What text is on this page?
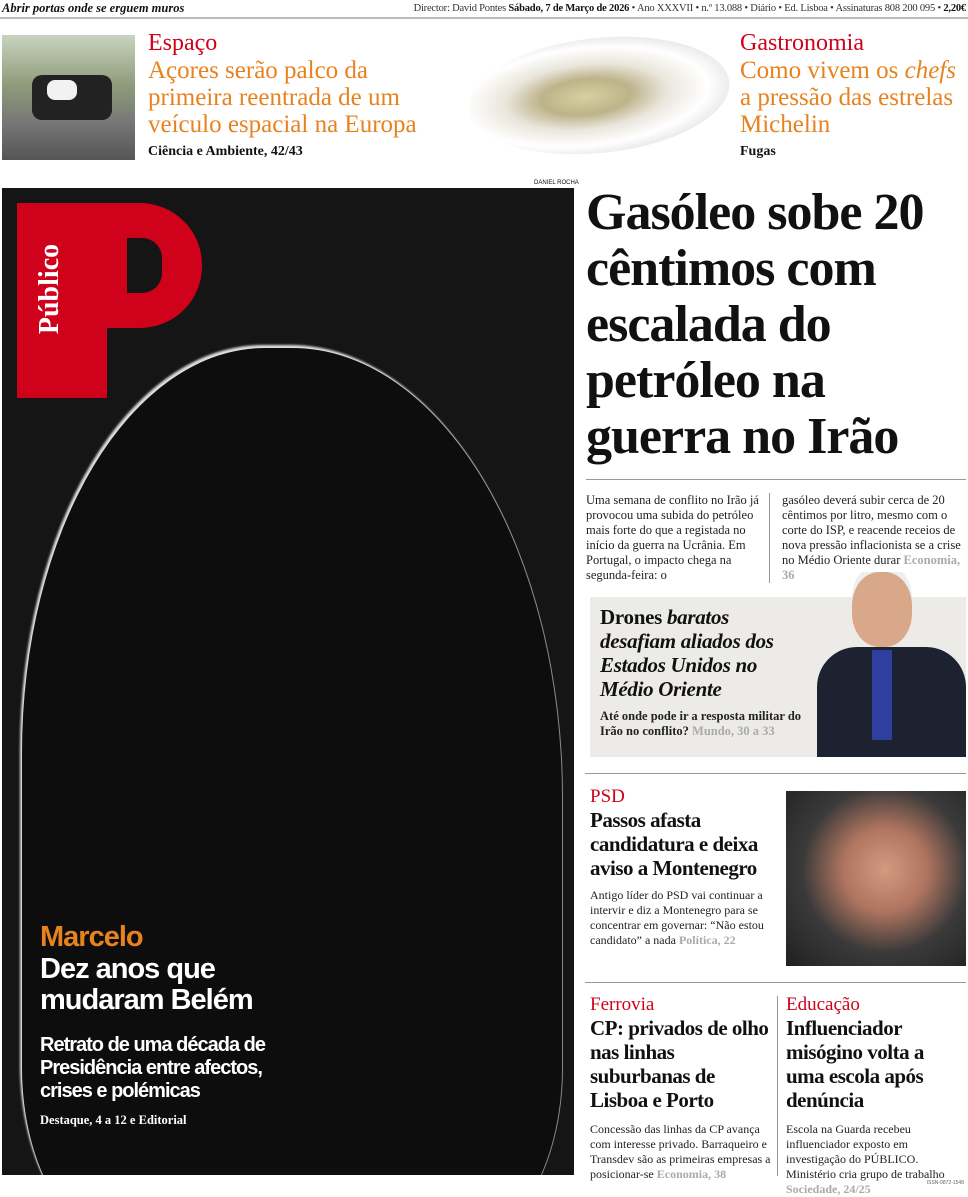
Abrir portas onde se erguem muros	Director: David Pontes Sábado, 7 de Março de 2026 • Ano XXXVII • n.º 13.088 • Diário • Ed. Lisboa • Assinaturas 808 200 095 • 2,20€
Espaço
Açores serão palco da primeira reentrada de um veículo espacial na Europa
Ciência e Ambiente, 42/43
Gastronomia
Como vivem os chefs a pressão das estrelas Michelin
Fugas
DANIEL ROCHA
Público
Marcelo
Dez anos que mudaram Belém
Retrato de uma década de Presidência entre afectos, crises e polémicas
Destaque, 4 a 12 e Editorial
Gasóleo sobe 20 cêntimos com escalada do petróleo na guerra no Irão
Uma semana de conflito no Irão já provocou uma subida do petróleo mais forte do que a registada no início da guerra na Ucrânia. Em Portugal, o impacto chega na segunda-feira: o
gasóleo deverá subir cerca de 20 cêntimos por litro, mesmo com o corte do ISP, e reacende receios de nova pressão inflacionista se a crise no Médio Oriente durar Economia, 36
Drones baratos
desafiam aliados dos Estados Unidos no Médio Oriente
Até onde pode ir a resposta militar do Irão no conflito? Mundo, 30 a 33
PSD
Passos afasta candidatura e deixa aviso a Montenegro
Antigo líder do PSD vai continuar a intervir e diz a Montenegro para se concentrar em governar: “Não estou candidato” a nada Política, 22
Ferrovia
CP: privados de olho nas linhas suburbanas de Lisboa e Porto
Concessão das linhas da CP avança com interesse privado. Barraqueiro e Transdev são as primeiras empresas a posicionar-se Economia, 38
Educação
Influenciador misógino volta a uma escola após denúncia
Escola na Guarda recebeu influenciador exposto em investigação do PÚBLICO. Ministério cria grupo de trabalho Sociedade, 24/25	ISSN-0872-1548
